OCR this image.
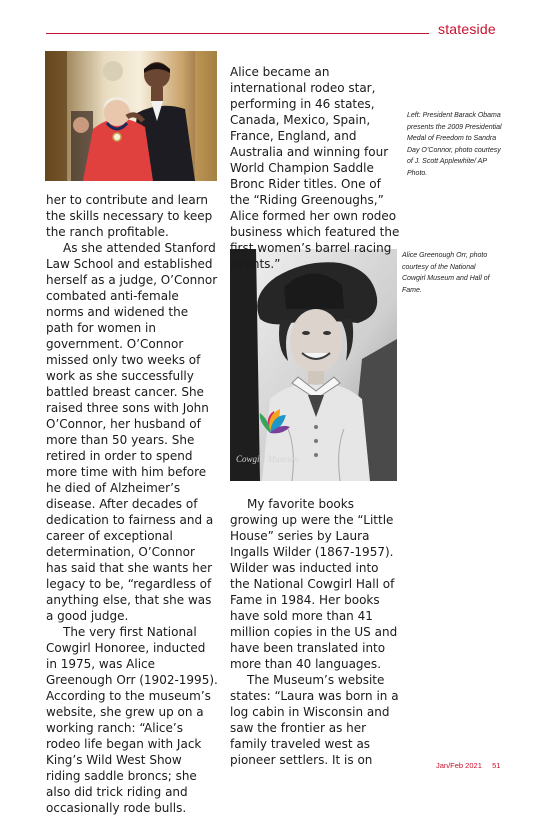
stateside
Cowgirl Museum

her to contribute and learn the skills necessary to keep the ranch profitable.

As she attended Stanford Law School and established herself as a judge, O’Connor combated anti-female norms and widened the path for women in government. O’Connor missed only two weeks of work as she successfully battled breast cancer. She raised three sons with John O’Connor, her husband of more than 50 years. She retired in order to spend more time with him before he died of Alzheimer’s disease. After decades of dedication to fairness and a career of exceptional determination, O’Connor has said that she wants her legacy to be, “regardless of anything else, that she was a good judge.

The very first National Cowgirl Honoree, inducted in 1975, was Alice Greenough Orr (1902-1995). According to the museum’s website, she grew up on a working ranch: “Alice’s rodeo life began with Jack King’s Wild West Show riding saddle broncs; she also did trick riding and occasionally rode bulls.

Alice became an international rodeo star, performing in 46 states, Canada, Mexico, Spain, France, England, and Australia and winning four World Champion Saddle Bronc Rider titles. One of the “Riding Greenoughs,” Alice formed her own rodeo business which featured the first women’s barrel racing events.”

My favorite books growing up were the “Little House” series by Laura Ingalls Wilder (1867-1957). Wilder was inducted into the National Cowgirl Hall of Fame in 1984. Her books have sold more than 41 million copies in the US and have been translated into more than 40 languages.

The Museum’s website states: “Laura was born in a log cabin in Wisconsin and saw the frontier as her family traveled west as pioneer settlers. It is on

Left: President Barack Obama presents the 2009 Presidential Medal of Freedom to Sandra Day O’Connor, photo courtesy of J. Scott Applewhite/ AP Photo.
Alice Greenough Orr, photo courtesy of the National Cowgirl Museum and Hall of Fame.
Jan/Feb 2021 51
